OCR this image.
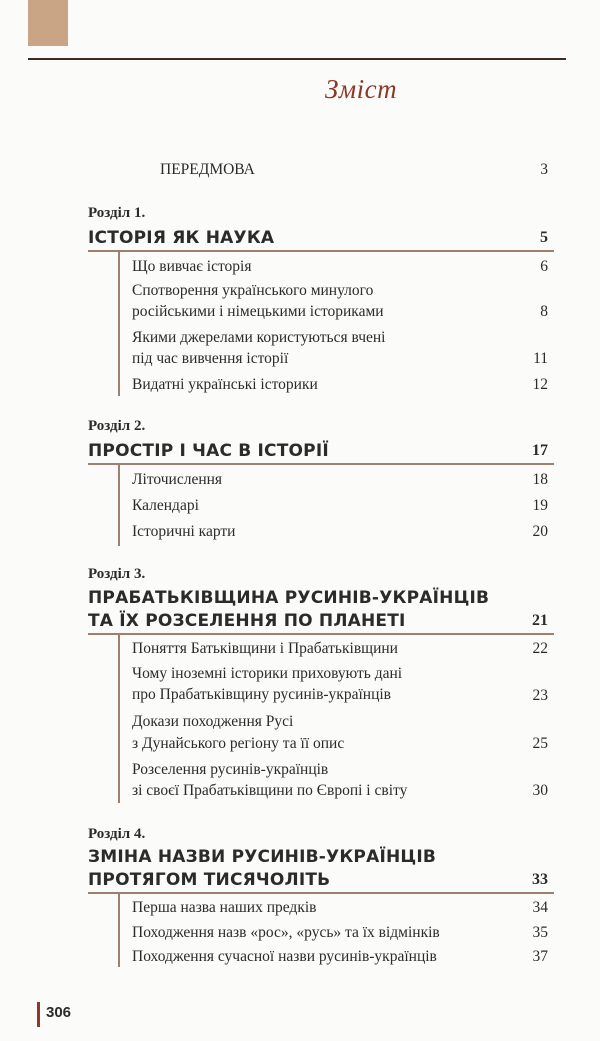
Зміст
ПЕРЕДМОВА	3
Розділ 1.
ІСТОРІЯ ЯК НАУКА	5
Що вивчає історія	6
Спотворення українського минулого
російськими і німецькими істориками	8
Якими джерелами користуються вчені
під час вивчення історії	11
Видатні українські історики	12
Розділ 2.
ПРОСТІР І ЧАС В ІСТОРІЇ	17
Літочислення	18
Календарі	19
Історичні карти	20
Розділ 3.
ПРАБАТЬКІВЩИНА РУСИНІВ-УКРАЇНЦІВ
ТА ЇХ РОЗСЕЛЕННЯ ПО ПЛАНЕТІ	21
Поняття Батьківщини і Прабатьківщини	22
Чому іноземні історики приховують дані
про Прабатьківщину русинів-українців	23
Докази походження Русі
з Дунайського регіону та її опис	25
Розселення русинів-українців
зі своєї Прабатьківщини по Європі і світу	30
Розділ 4.
ЗМІНА НАЗВИ РУСИНІВ-УКРАЇНЦІВ
ПРОТЯГОМ ТИСЯЧОЛІТЬ	33
Перша назва наших предків	34
Походження назв «рос», «русь» та їх відмінків	35
Походження сучасної назви русинів-українців	37
306
